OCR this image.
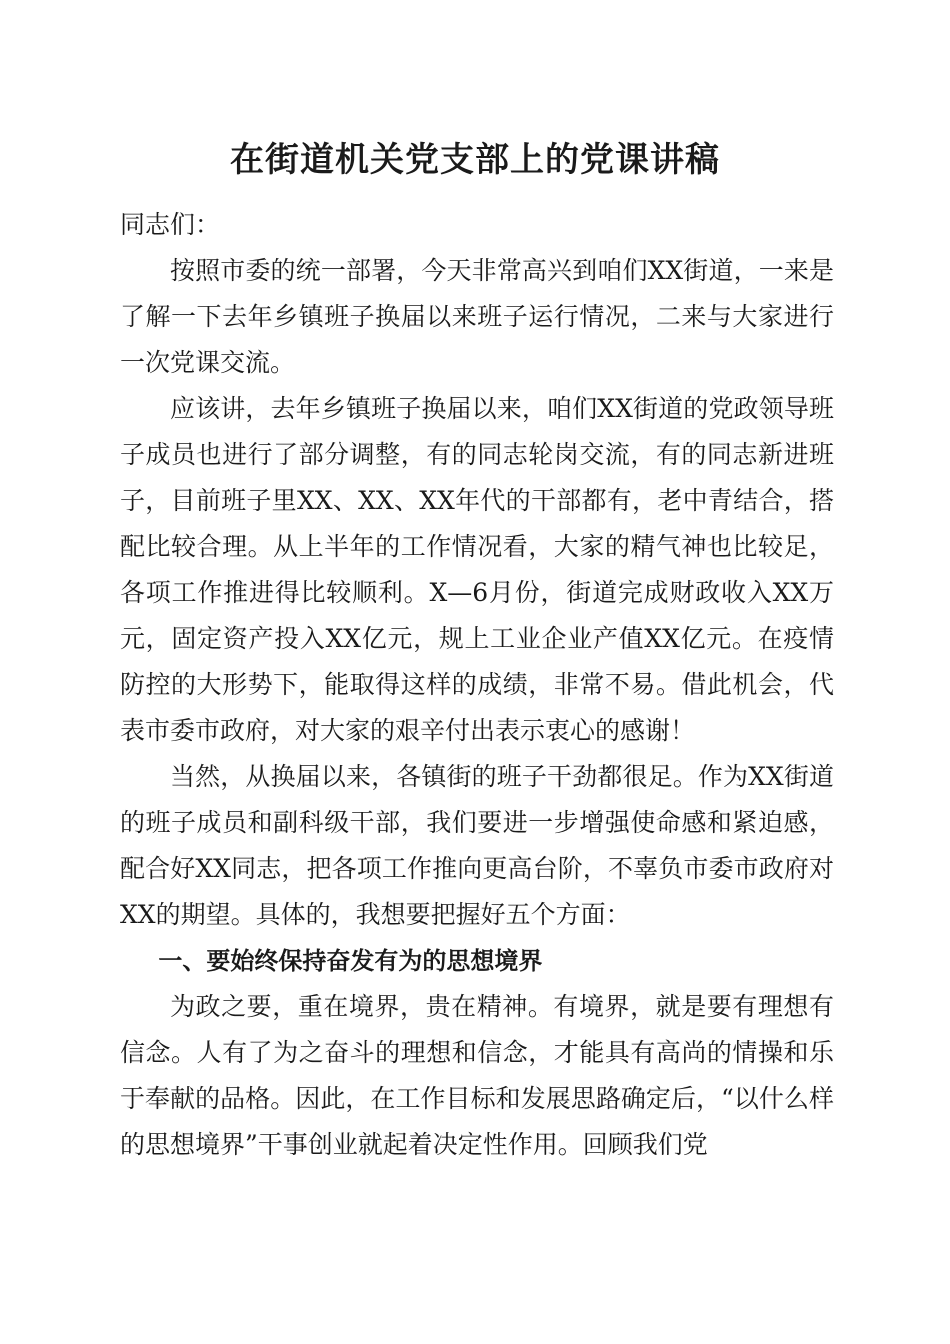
在街道机关党支部上的党课讲稿

同志们：

按照市委的统一部署，今天非常高兴到咱们XX街道，一来是了解一下去年乡镇班子换届以来班子运行情况，二来与大家进行一次党课交流。

应该讲，去年乡镇班子换届以来，咱们XX街道的党政领导班子成员也进行了部分调整，有的同志轮岗交流，有的同志新进班子，目前班子里XX、XX、XX年代的干部都有，老中青结合，搭配比较合理。从上半年的工作情况看，大家的精气神也比较足，各项工作推进得比较顺利。X—6月份，街道完成财政收入XX万元，固定资产投入XX亿元，规上工业企业产值XX亿元。在疫情防控的大形势下，能取得这样的成绩，非常不易。借此机会，代表市委市政府，对大家的艰辛付出表示衷心的感谢！

当然，从换届以来，各镇街的班子干劲都很足。作为XX街道的班子成员和副科级干部，我们要进一步增强使命感和紧迫感，配合好XX同志，把各项工作推向更高台阶，不辜负市委市政府对XX的期望。具体的，我想要把握好五个方面：

一、要始终保持奋发有为的思想境界

为政之要，重在境界，贵在精神。有境界，就是要有理想有信念。人有了为之奋斗的理想和信念，才能具有高尚的情操和乐于奉献的品格。因此，在工作目标和发展思路确定后，“以什么样的思想境界”干事创业就起着决定性作用。回顾我们党
